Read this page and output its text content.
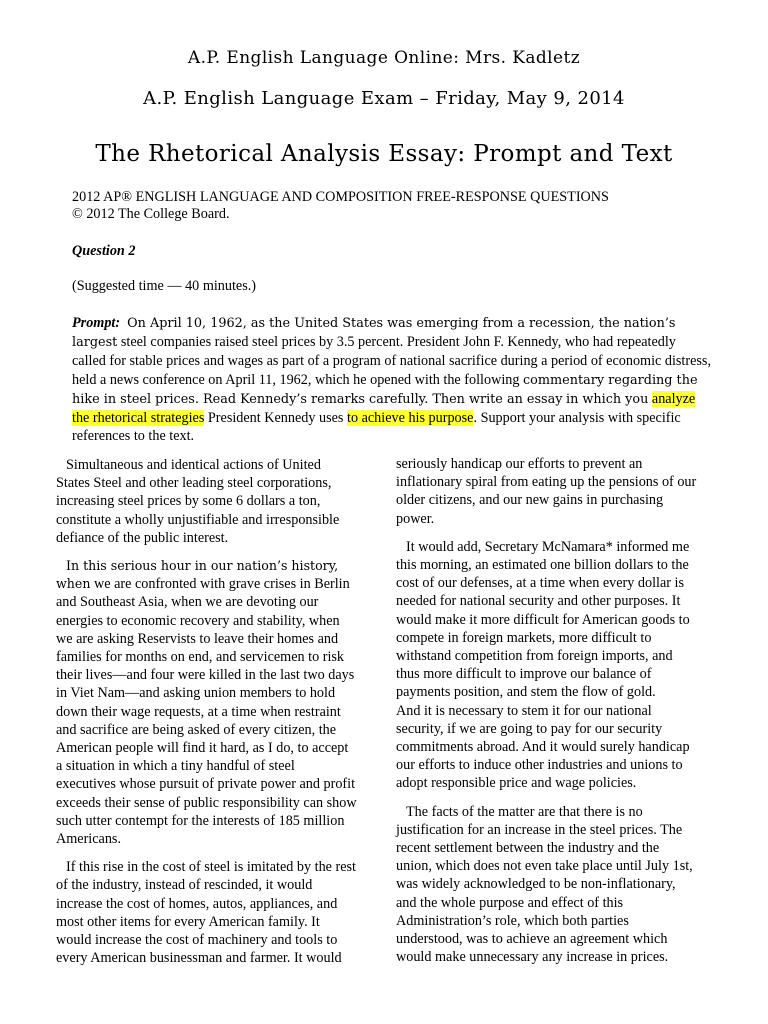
A.P. English Language Online: Mrs. Kadletz
A.P. English Language Exam – Friday, May 9, 2014
The Rhetorical Analysis Essay: Prompt and Text
2012 AP® ENGLISH LANGUAGE AND COMPOSITION FREE-RESPONSE QUESTIONS
© 2012 The College Board.
Question 2
(Suggested time — 40 minutes.)

Prompt: On April 10, 1962, as the United States was emerging from a recession, the nation’s largest steel companies raised steel prices by 3.5 percent. President John F. Kennedy, who had repeatedly called for stable prices and wages as part of a program of national sacrifice during a period of economic distress, held a news conference on April 11, 1962, which he opened with the following commentary regarding the hike in steel prices. Read Kennedy’s remarks carefully. Then write an essay in which you analyze the rhetorical strategies President Kennedy uses to achieve his purpose. Support your analysis with specific references to the text.

Simultaneous and identical actions of United States Steel and other leading steel corporations, increasing steel prices by some 6 dollars a ton, constitute a wholly unjustifiable and irresponsible defiance of the public interest.

In this serious hour in our nation’s history, when we are confronted with grave crises in Berlin and Southeast Asia, when we are devoting our energies to economic recovery and stability, when we are asking Reservists to leave their homes and families for months on end, and servicemen to risk their lives—and four were killed in the last two days in Viet Nam—and asking union members to hold down their wage requests, at a time when restraint and sacrifice are being asked of every citizen, the American people will find it hard, as I do, to accept a situation in which a tiny handful of steel executives whose pursuit of private power and profit exceeds their sense of public responsibility can show such utter contempt for the interests of 185 million Americans.

If this rise in the cost of steel is imitated by the rest of the industry, instead of rescinded, it would increase the cost of homes, autos, appliances, and most other items for every American family. It would increase the cost of machinery and tools to every American businessman and farmer. It would

seriously handicap our efforts to prevent an inflationary spiral from eating up the pensions of our older citizens, and our new gains in purchasing power.

It would add, Secretary McNamara* informed me this morning, an estimated one billion dollars to the cost of our defenses, at a time when every dollar is needed for national security and other purposes. It would make it more difficult for American goods to compete in foreign markets, more difficult to withstand competition from foreign imports, and thus more difficult to improve our balance of payments position, and stem the flow of gold.

And it is necessary to stem it for our national security, if we are going to pay for our security commitments abroad. And it would surely handicap our efforts to induce other industries and unions to adopt responsible price and wage policies.

The facts of the matter are that there is no justification for an increase in the steel prices. The recent settlement between the industry and the union, which does not even take place until July 1st, was widely acknowledged to be non-inflationary, and the whole purpose and effect of this Administration’s role, which both parties understood, was to achieve an agreement which would make unnecessary any increase in prices.
